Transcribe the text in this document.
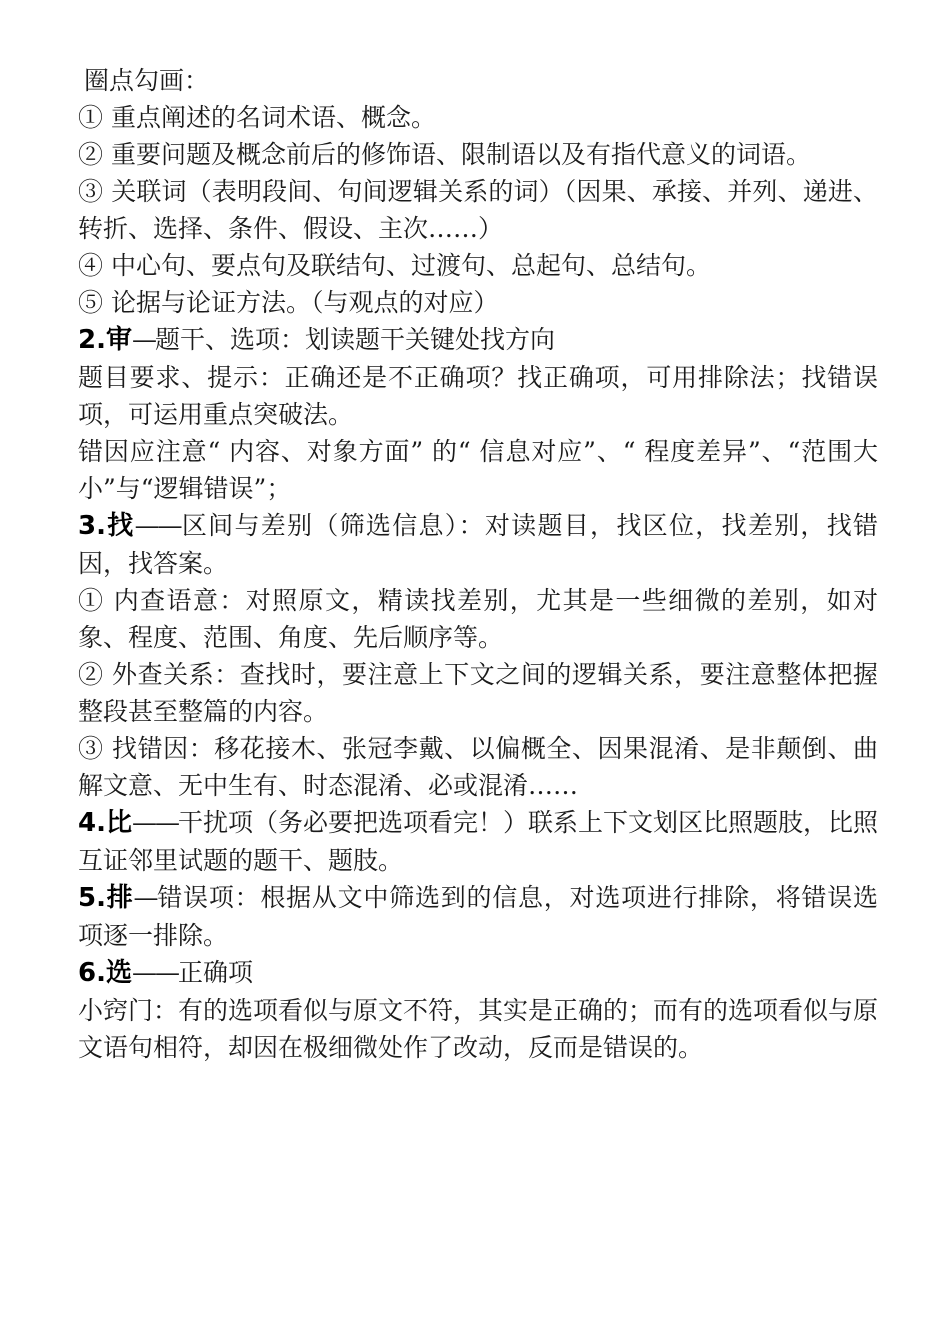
圈点勾画：

① 重点阐述的名词术语、概念。

② 重要问题及概念前后的修饰语、限制语以及有指代意义的词语。

③ 关联词（表明段间、句间逻辑关系的词）（因果、承接、并列、递进、转折、选择、条件、假设、主次……）

④ 中心句、要点句及联结句、过渡句、总起句、总结句。

⑤ 论据与论证方法。（与观点的对应）

2.审—题干、选项：划读题干关键处找方向

题目要求、提示：正确还是不正确项？找正确项，可用排除法；找错误项，可运用重点突破法。

错因应注意“ 内容、对象方面” 的“ 信息对应”、“ 程度差异”、“范围大小”与“逻辑错误”；

3.找——区间与差别（筛选信息）：对读题目，找区位，找差别，找错因，找答案。

① 内查语意：对照原文，精读找差别，尤其是一些细微的差别，如对象、程度、范围、角度、先后顺序等。

② 外查关系：查找时，要注意上下文之间的逻辑关系，要注意整体把握整段甚至整篇的内容。

③ 找错因：移花接木、张冠李戴、以偏概全、因果混淆、是非颠倒、曲解文意、无中生有、时态混淆、必或混淆……

4.比——干扰项（务必要把选项看完！）联系上下文划区比照题肢，比照互证邻里试题的题干、题肢。

5.排—错误项：根据从文中筛选到的信息，对选项进行排除，将错误选项逐一排除。

6.选——正确项

小窍门：有的选项看似与原文不符，其实是正确的；而有的选项看似与原文语句相符，却因在极细微处作了改动，反而是错误的。
